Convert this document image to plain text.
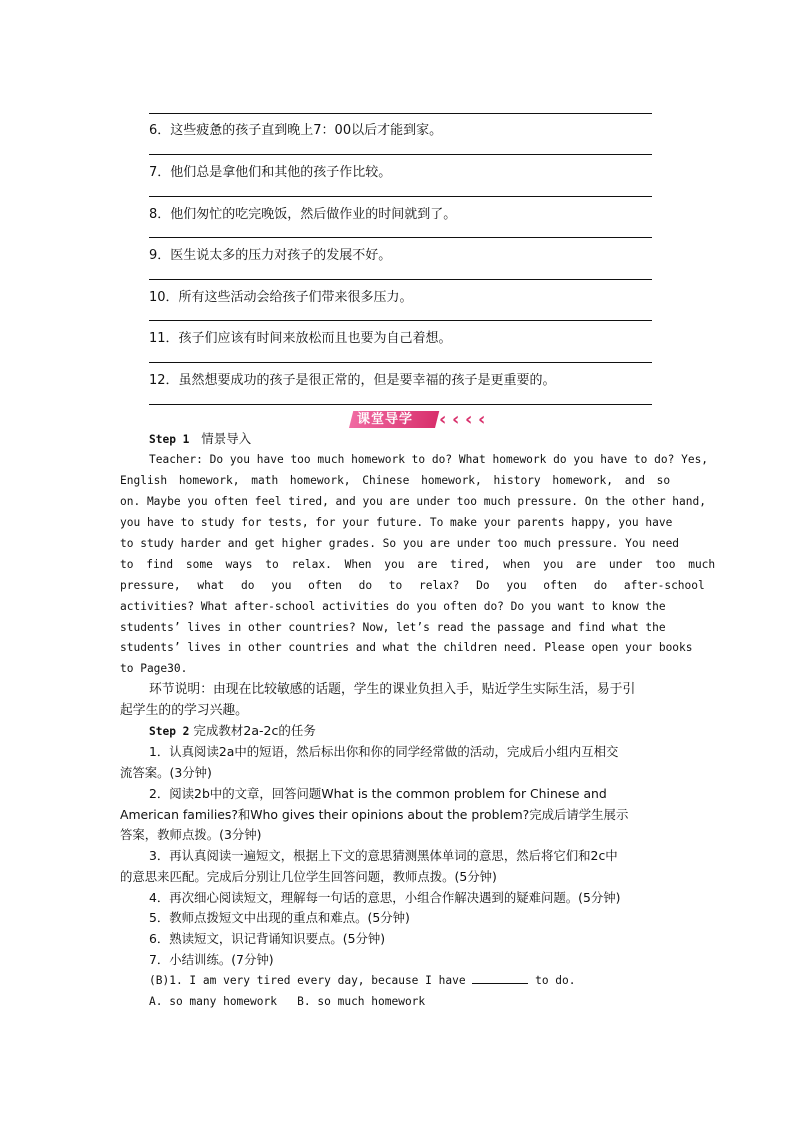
6．这些疲惫的孩子直到晚上7：00以后才能到家。
7．他们总是拿他们和其他的孩子作比较。
8．他们匆忙的吃完晚饭，然后做作业的时间就到了。
9．医生说太多的压力对孩子的发展不好。
10．所有这些活动会给孩子们带来很多压力。
11．孩子们应该有时间来放松而且也要为自己着想。
12．虽然想要成功的孩子是很正常的，但是要幸福的孩子是更重要的。
课堂导学 ‹ ‹ ‹ ‹
Step 1 情景导入
Teacher: Do you have too much homework to do? What homework do you have to do? Yes,
English homework, math homework, Chinese homework, history homework, and so
on. Maybe you often feel tired, and you are under too much pressure. On the other hand,
you have to study for tests, for your future. To make your parents happy, you have
to study harder and get higher grades. So you are under too much pressure. You need
to find some ways to relax. When you are tired, when you are under too much
pressure, what do you often do to relax? Do you often do after-school
activities? What after-school activities do you often do? Do you want to know the
students’ lives in other countries? Now, let’s read the passage and find what the
students’ lives in other countries and what the children need. Please open your books
to Page30.
环节说明：由现在比较敏感的话题，学生的课业负担入手，贴近学生实际生活，易于引
起学生的的学习兴趣。
Step 2 完成教材2a-2c的任务
1．认真阅读2a中的短语，然后标出你和你的同学经常做的活动，完成后小组内互相交
流答案。(3分钟)
2．阅读2b中的文章，回答问题What is the common problem for Chinese and
American families?和Who gives their opinions about the problem?完成后请学生展示
答案，教师点拨。(3分钟)
3．再认真阅读一遍短文，根据上下文的意思猜测黑体单词的意思，然后将它们和2c中
的意思来匹配。完成后分别让几位学生回答问题，教师点拨。(5分钟)
4．再次细心阅读短文，理解每一句话的意思，小组合作解决遇到的疑难问题。(5分钟)
5．教师点拨短文中出现的重点和难点。(5分钟)
6．熟读短文，识记背诵知识要点。(5分钟)
7．小结训练。(7分钟)
(B)1. I am very tired every day, because I have	to do.
A. so many homework   B. so much homework
